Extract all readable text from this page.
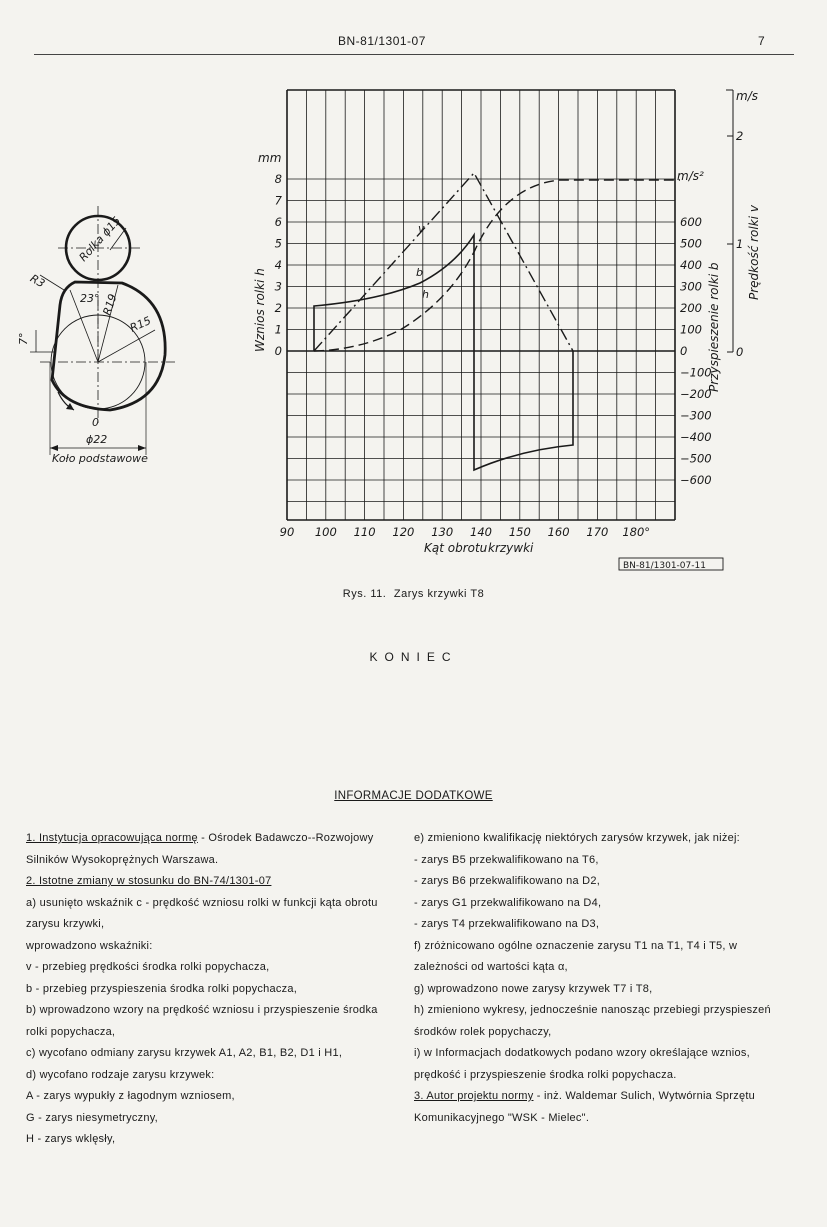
BN-81/1301-07	7
Rolka ϕ15
R3
23° R19
R15
7°
0
ϕ22
Koło podstawowe
8
7
6
5
4
3
2
1
0
600
500
400
300
200
100
0
−100
−200
−300
−400
−500
−600
2
1
0
90 100 110 120 130 140 150 160 170 180°
v
b
h
mm
Wznios rolki h
m/s²
Przyspieszenie rolki b
m/s
Prędkość rolki v
Kąt obrotu krzywki
BN-81/1301-07-11
Rys. 11. Zarys krzywki T8
KONIEC
INFORMACJE DODATKOWE

1. Instytucja opracowująca normę - Ośrodek Badawczo--Rozwojowy Silników Wysokoprężnych Warszawa.

2. Istotne zmiany w stosunku do BN-74/1301-07

a) usunięto wskaźnik c - prędkość wzniosu rolki w funkcji kąta obrotu zarysu krzywki,

wprowadzono wskaźniki:

v - przebieg prędkości środka rolki popychacza,

b - przebieg przyspieszenia środka rolki popychacza,

b) wprowadzono wzory na prędkość wzniosu i przyspieszenie środka rolki popychacza,

c) wycofano odmiany zarysu krzywek A1, A2, B1, B2, D1 i H1,

d) wycofano rodzaje zarysu krzywek:

A - zarys wypukły z łagodnym wzniosem,

G - zarys niesymetryczny,

H - zarys wklęsły,

e) zmieniono kwalifikację niektórych zarysów krzywek, jak niżej:

- zarys B5 przekwalifikowano na T6,

- zarys B6 przekwalifikowano na D2,

- zarys G1 przekwalifikowano na D4,

- zarys T4 przekwalifikowano na D3,

f) zróżnicowano ogólne oznaczenie zarysu T1 na T1, T4 i T5, w zależności od wartości kąta α,

g) wprowadzono nowe zarysy krzywek T7 i T8,

h) zmieniono wykresy, jednocześnie nanosząc przebiegi przyspieszeń środków rolek popychaczy,

i) w Informacjach dodatkowych podano wzory określające wznios, prędkość i przyspieszenie środka rolki popychacza.

3. Autor projektu normy - inż. Waldemar Sulich, Wytwórnia Sprzętu Komunikacyjnego "WSK - Mielec".
